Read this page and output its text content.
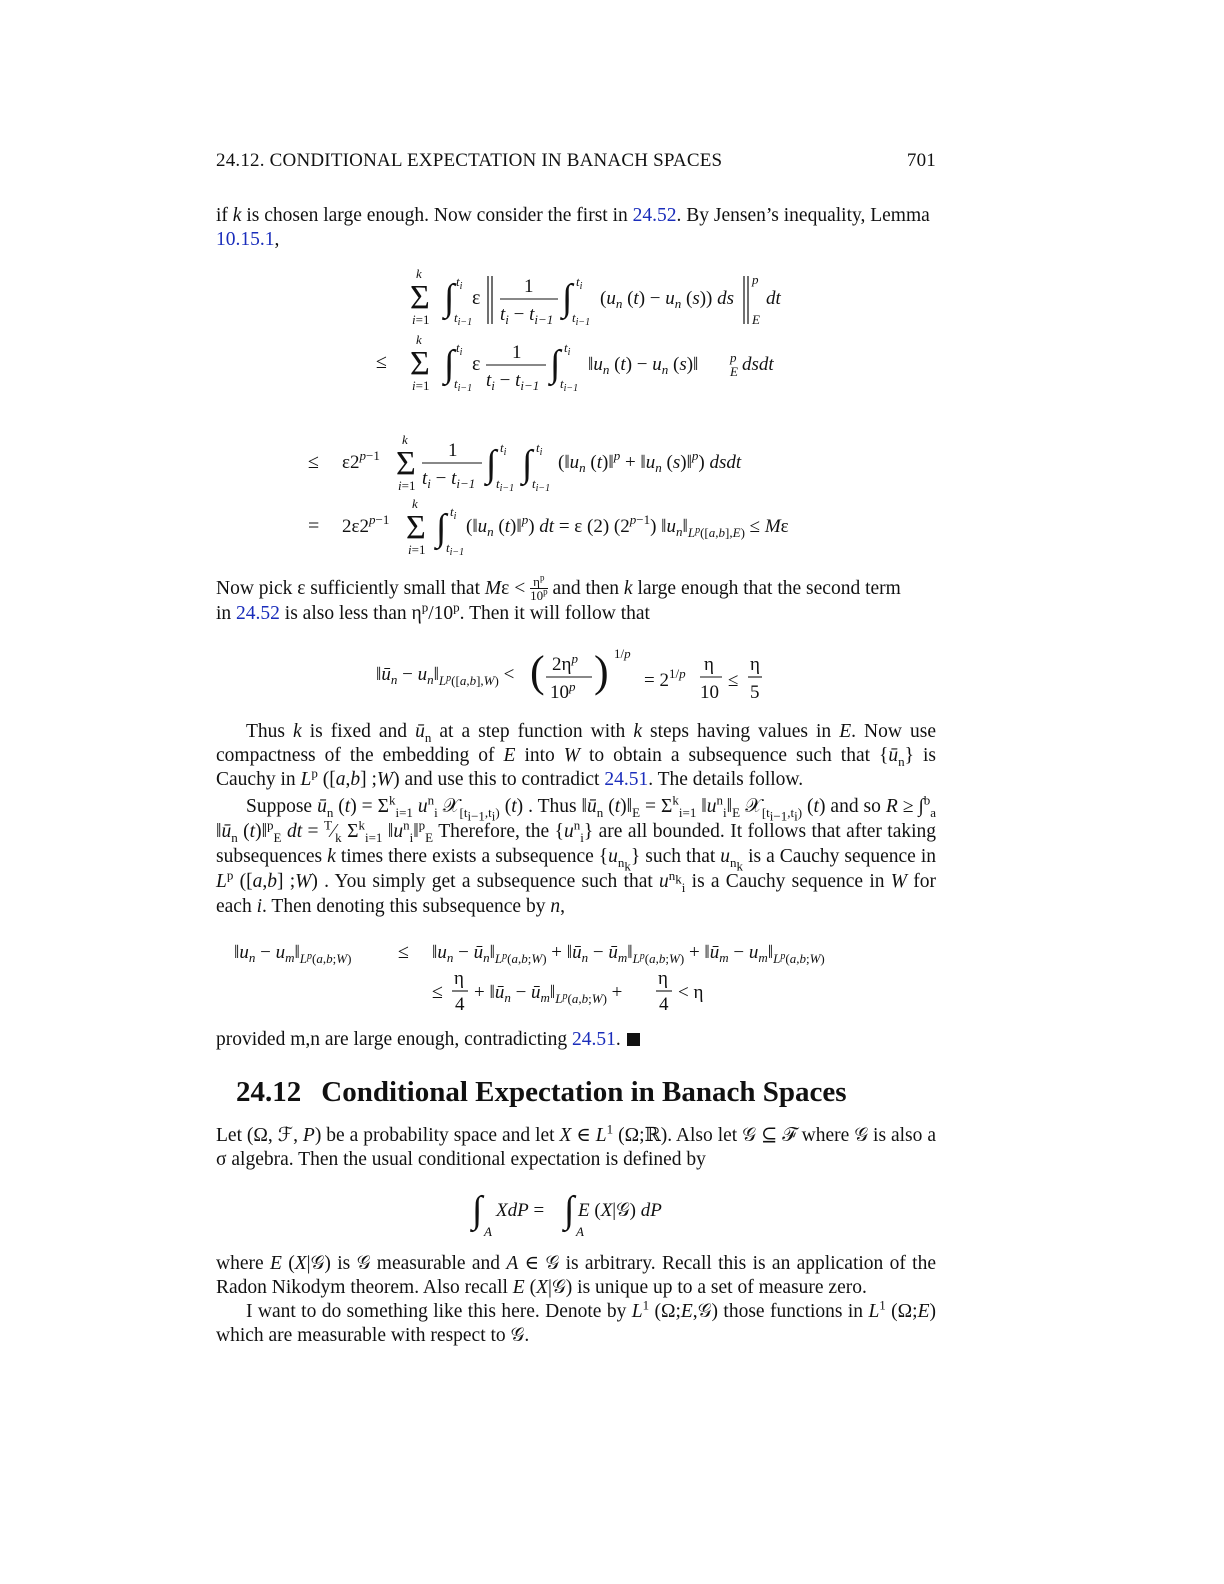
24.12. CONDITIONAL EXPECTATION IN BANACH SPACES	701
if k is chosen large enough. Now consider the first in 24.52. By Jensen’s inequality, Lemma
10.15.1,
k
Σ
i=1
∫ $t_i$
$t_{i-1}$
ε
1
$t_i - t_{i-1}$
∫ $t_i$
$t_{i-1}$
($u_n$ $(t) - u_n$ (s)) ds
p
E
dt
≤
k
Σ
i=1
∫ $t_i$
$t_{i-1}$
ε
1
$t_i - t_{i-1}$
∫ $t_i$
$t_{i-1}$
$‖u_n$ $(t) - u_n$ (s)‖ p
E dsdt
≤ $\varepsilon 2^{p-1}$
k
Σ
i=1
1
$t_i - t_{i-1}$ ∫ $t_i$
$t_{i-1}$
∫ $t_i$
$t_{i-1}$
($‖u_n$ (t)‖$^p$ + $‖u_n$ (s)‖$^p$) dsdt
= $2\varepsilon 2^{p-1}$
k
Σ
i=1
∫ $t_i$
$t_{i-1}$
($‖u_n$ (t)‖$^p$) dt = ε (2) $(2^{p-1})$ $‖u_n‖_{L^p([a,b],E)} \le M\varepsilon$
Now pick ε sufficiently small that $M\varepsilon < \eta^p$
10$^p$ and then k large enough that the second term
in 24.52 is also less than $\eta^p/10^p$. Then it will follow that
$‖ū_n$ − $u_n‖_{L^p([a,b],W)}$ < ( $2\eta^p$
10$^p$ ) 1/p
= $2^{1/p}$ η
10
≤
η
5
Thus k is fixed and $ū_n$ at a step function with k steps having values in E. Now use compactness of the embedding of E into W to obtain a subsequence such that $\{ū_n\}$ is Cauchy in $L^p$ ([a,b] ;W) and use this to contradict 24.51. The details follow.
Suppose $ū_n$ $(t) = \Sigma^k_{i=1}$ $u^n_i$ 𝒳$_{[t_{i-1},t_i)}$ (t) . Thus $‖ū_n$ $(t)‖_E = \Sigma^k_{i=1}$ $‖u^n_i‖_E$ 𝒳$_{[t_{i-1},t_i)}$ (t) and so R ≥ ∫$^b_a$ $‖ū_n$ (t)‖$^p_E$ dt = $^T⁄_k$ $\Sigma^k_{i=1}$ $‖u^n_i‖^p_E$ Therefore, the $\{u^n_i\}$ are all bounded. It follows that after taking subsequences k times there exists a subsequence $\{u_{n_k}\}$ such that $u_{n_k}$ is a Cauchy sequence in $L^p$ ([a,b] ;W) . You simply get a subsequence such that $u^{n_k}_i$ is a Cauchy sequence in W for each i. Then denoting this subsequence by n,
$‖u_n$ − $u_m‖_{L^p(a,b;W)}$ ≤ $‖u_n$ − $ū_n‖_{L^p(a,b;W)}$ + $‖ū_n$ − $ū_m‖_{L^p(a,b;W)}$ + $‖ū_m$ − $u_m‖_{L^p(a,b;W)}$
≤
η
4
+ $‖ū_n$ − $ū_m‖_{L^p(a,b;W)}$ +
η
4
< η
provided m,n are large enough, contradicting 24.51.
24.12 Conditional Expectation in Banach Spaces
Let (Ω, ℱ, P) be a probability space and let X ∈ $L^1$ (Ω;ℝ). Also let 𝒢 ⊆ ℱ where 𝒢 is also a σ algebra. Then the usual conditional expectation is defined by
∫
A
XdP = ∫
A
E (X|𝒢) dP
where E (X|𝒢) is 𝒢 measurable and A ∈ 𝒢 is arbitrary. Recall this is an application of the Radon Nikodym theorem. Also recall E (X|𝒢) is unique up to a set of measure zero.
I want to do something like this here. Denote by $L^1$ (Ω;E,𝒢) those functions in $L^1$ (Ω;E) which are measurable with respect to 𝒢.
